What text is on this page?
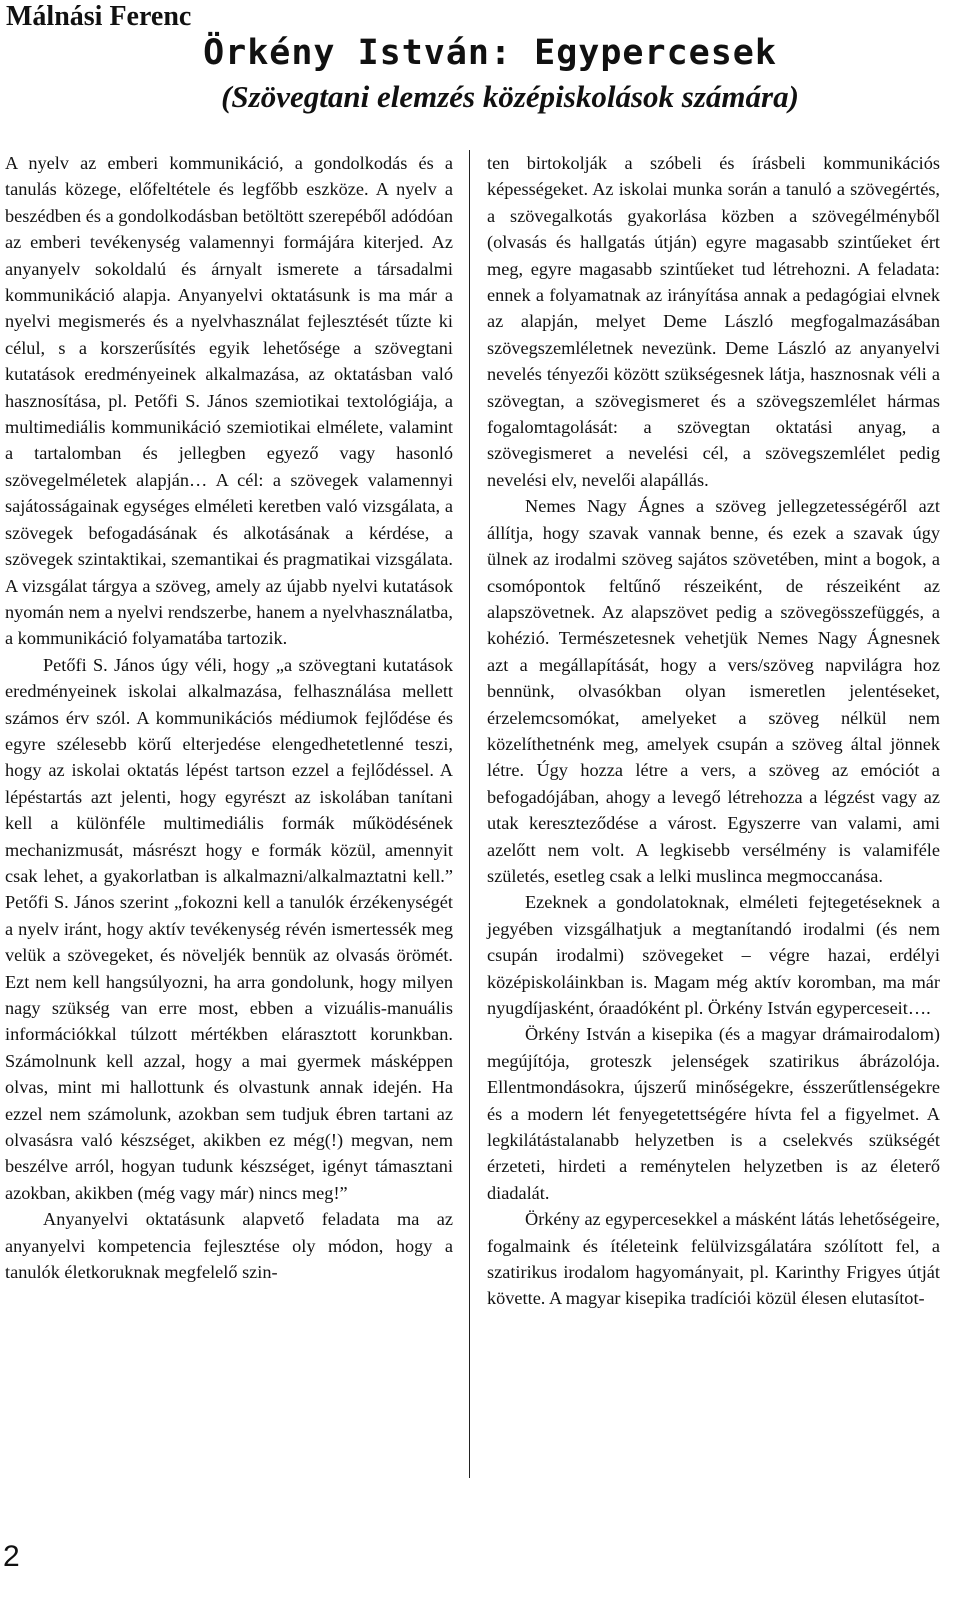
Málnási Ferenc
Örkény István: Egypercesek
(Szövegtani elemzés középiskolások számára)

A nyelv az emberi kommunikáció, a gondolkodás és a tanulás közege, előfeltétele és legfőbb eszköze. A nyelv a beszédben és a gondolkodásban betöltött szerepéből adódóan az emberi tevékenység valamennyi formájára kiterjed. Az anyanyelv sokoldalú és árnyalt ismerete a társadalmi kommunikáció alapja. Anyanyelvi oktatásunk is ma már a nyelvi megismerés és a nyelvhasználat fejlesztését tűzte ki célul, s a korszerűsítés egyik lehetősége a szövegtani kutatások eredményeinek alkalmazása, az oktatásban való hasznosítása, pl. Petőfi S. János szemiotikai textológiája, a multimediális kommunikáció szemiotikai elmélete, valamint a tartalomban és jellegben egyező vagy hasonló szövegelméletek alapján… A cél: a szövegek valamennyi sajátosságainak egységes elméleti keretben való vizsgálata, a szövegek befogadásának és alkotásának a kérdése, a szövegek szintaktikai, szemantikai és pragmatikai vizsgálata. A vizsgálat tárgya a szöveg, amely az újabb nyelvi kutatások nyomán nem a nyelvi rendszerbe, hanem a nyelvhasználatba, a kommunikáció folyamatába tartozik.

Petőfi S. János úgy véli, hogy „a szövegtani kutatások eredményeinek iskolai alkalmazása, felhasználása mellett számos érv szól. A kommunikációs médiumok fejlődése és egyre szélesebb körű elterjedése elengedhetetlenné teszi, hogy az iskolai oktatás lépést tartson ezzel a fejlődéssel. A lépéstartás azt jelenti, hogy egyrészt az iskolában tanítani kell a különféle multimediális formák működésének mechanizmusát, másrészt hogy e formák közül, amennyit csak lehet, a gyakorlatban is alkalmazni/alkalmaztatni kell.” Petőfi S. János szerint „fokozni kell a tanulók érzékenységét a nyelv iránt, hogy aktív tevékenység révén ismertessék meg velük a szövegeket, és növeljék bennük az olvasás örömét. Ezt nem kell hangsúlyozni, ha arra gondolunk, hogy milyen nagy szükség van erre most, ebben a vizuális-manuális információkkal túlzott mértékben elárasztott korunkban. Számolnunk kell azzal, hogy a mai gyermek másképpen olvas, mint mi hallottunk és olvastunk annak idején. Ha ezzel nem számolunk, azokban sem tudjuk ébren tartani az olvasásra való készséget, akikben ez még(!) megvan, nem beszélve arról, hogyan tudunk készséget, igényt támasztani azokban, akikben (még vagy már) nincs meg!”

Anyanyelvi oktatásunk alapvető feladata ma az anyanyelvi kompetencia fejlesztése oly módon, hogy a tanulók életkoruknak megfelelő szin-

ten birtokolják a szóbeli és írásbeli kommunikációs képességeket. Az iskolai munka során a tanuló a szövegértés, a szövegalkotás gyakorlása közben a szövegélményből (olvasás és hallgatás útján) egyre magasabb szintűeket ért meg, egyre magasabb szintűeket tud létrehozni. A feladata: ennek a folyamatnak az irányítása annak a pedagógiai elvnek az alapján, melyet Deme László megfogalmazásában szövegszemléletnek nevezünk. Deme László az anyanyelvi nevelés tényezői között szükségesnek látja, hasznosnak véli a szövegtan, a szövegismeret és a szövegszemlélet hármas fogalomtagolását: a szövegtan oktatási anyag, a szövegismeret a nevelési cél, a szövegszemlélet pedig nevelési elv, nevelői alapállás.

Nemes Nagy Ágnes a szöveg jellegzetességéről azt állítja, hogy szavak vannak benne, és ezek a szavak úgy ülnek az irodalmi szöveg sajátos szövetében, mint a bogok, a csomópontok feltűnő részeiként, de részeiként az alapszövetnek. Az alapszövet pedig a szövegösszefüggés, a kohézió. Természetesnek vehetjük Nemes Nagy Ágnesnek azt a megállapítását, hogy a vers/szöveg napvilágra hoz bennünk, olvasókban olyan ismeretlen jelentéseket, érzelemcsomókat, amelyeket a szöveg nélkül nem közelíthetnénk meg, amelyek csupán a szöveg által jönnek létre. Úgy hozza létre a vers, a szöveg az emóciót a befogadójában, ahogy a levegő létrehozza a légzést vagy az utak kereszteződése a várost. Egyszerre van valami, ami azelőtt nem volt. A legkisebb versélmény is valamiféle születés, esetleg csak a lelki muslinca megmoccanása.

Ezeknek a gondolatoknak, elméleti fejtegetéseknek a jegyében vizsgálhatjuk a megtanítandó irodalmi (és nem csupán irodalmi) szövegeket – végre hazai, erdélyi középiskoláinkban is. Magam még aktív koromban, ma már nyugdíjasként, óraadóként pl. Örkény István egyperceseit….

Örkény István a kisepika (és a magyar drámairodalom) megújítója, groteszk jelenségek szatirikus ábrázolója. Ellentmondásokra, újszerű minőségekre, ésszerűtlenségekre és a modern lét fenyegetettségére hívta fel a figyelmet. A legkilátástalanabb helyzetben is a cselekvés szükségét érzeteti, hirdeti a reménytelen helyzetben is az életerő diadalát.

Örkény az egypercesekkel a másként látás lehetőségeire, fogalmaink és ítéleteink felülvizsgálatára szólított fel, a szatirikus irodalom hagyományait, pl. Karinthy Frigyes útját követte. A magyar kisepika tradíciói közül élesen elutasítot-

2
